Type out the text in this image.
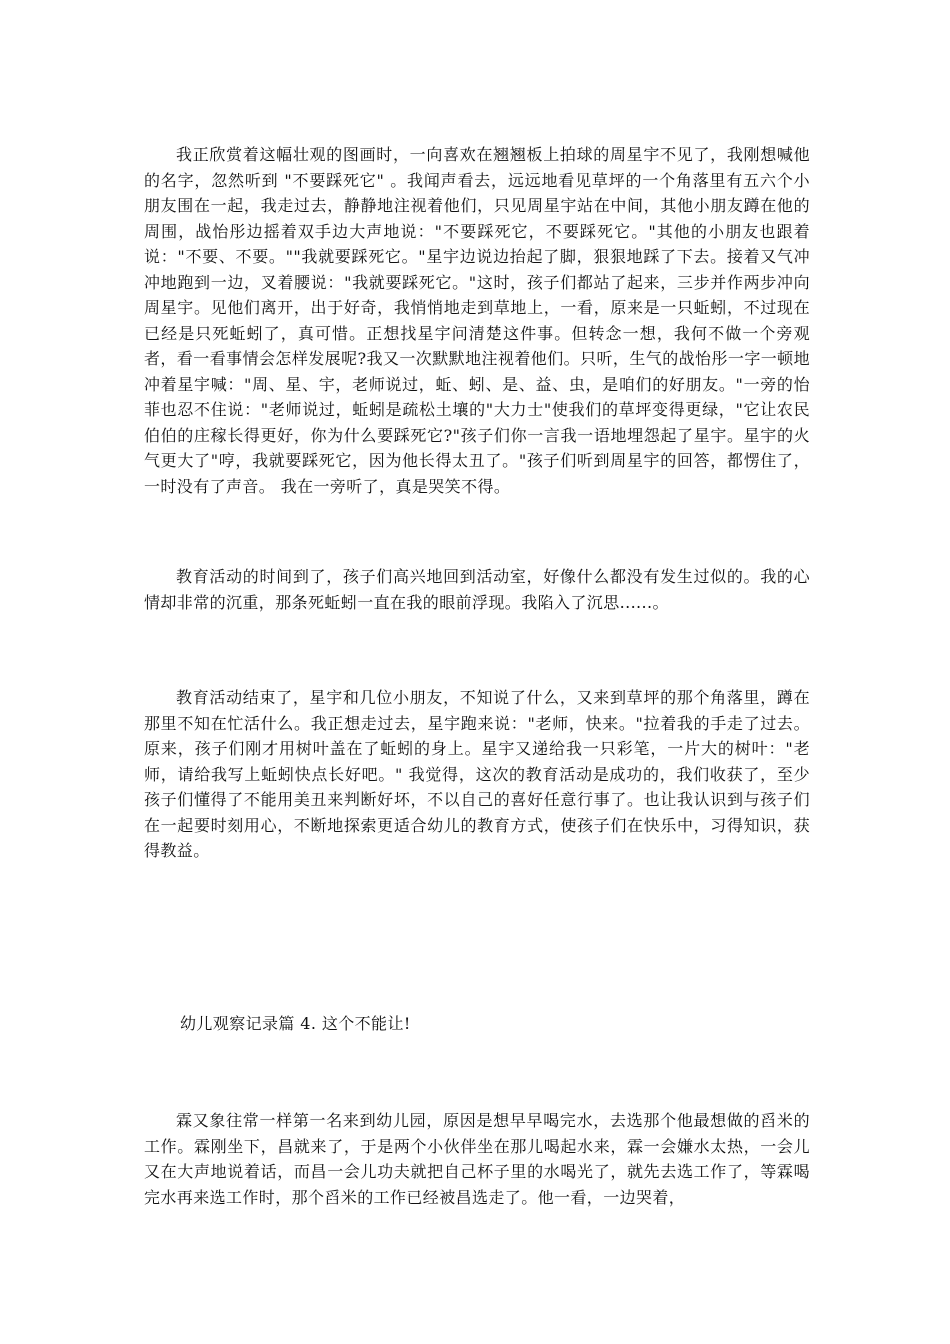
我正欣赏着这幅壮观的图画时，一向喜欢在翘翘板上拍球的周星宇不见了，我刚想喊他的名字，忽然听到 "不要踩死它" 。我闻声看去，远远地看见草坪的一个角落里有五六个小朋友围在一起，我走过去，静静地注视着他们，只见周星宇站在中间，其他小朋友蹲在他的周围，战怡彤边摇着双手边大声地说："不要踩死它，不要踩死它。"其他的小朋友也跟着说："不要、不要。""我就要踩死它。"星宇边说边抬起了脚，狠狠地踩了下去。接着又气冲冲地跑到一边，叉着腰说："我就要踩死它。"这时，孩子们都站了起来，三步并作两步冲向周星宇。见他们离开，出于好奇，我悄悄地走到草地上，一看，原来是一只蚯蚓，不过现在已经是只死蚯蚓了，真可惜。正想找星宇问清楚这件事。但转念一想，我何不做一个旁观者，看一看事情会怎样发展呢?我又一次默默地注视着他们。只听，生气的战怡彤一字一顿地冲着星宇喊："周、星、宇，老师说过，蚯、蚓、是、益、虫，是咱们的好朋友。"一旁的怡菲也忍不住说："老师说过，蚯蚓是疏松土壤的"大力士"使我们的草坪变得更绿，"它让农民伯伯的庄稼长得更好，你为什么要踩死它?"孩子们你一言我一语地埋怨起了星宇。星宇的火气更大了"哼，我就要踩死它，因为他长得太丑了。"孩子们听到周星宇的回答，都愣住了，一时没有了声音。 我在一旁听了，真是哭笑不得。

教育活动的时间到了，孩子们高兴地回到活动室，好像什么都没有发生过似的。我的心情却非常的沉重，那条死蚯蚓一直在我的眼前浮现。我陷入了沉思......。

教育活动结束了，星宇和几位小朋友，不知说了什么，又来到草坪的那个角落里，蹲在那里不知在忙活什么。我正想走过去，星宇跑来说："老师，快来。"拉着我的手走了过去。原来，孩子们刚才用树叶盖在了蚯蚓的身上。星宇又递给我一只彩笔，一片大的树叶："老师，请给我写上蚯蚓快点长好吧。" 我觉得，这次的教育活动是成功的，我们收获了，至少孩子们懂得了不能用美丑来判断好坏，不以自己的喜好任意行事了。也让我认识到与孩子们在一起要时刻用心，不断地探索更适合幼儿的教育方式，使孩子们在快乐中，习得知识，获得教益。

幼儿观察记录篇 4. 这个不能让!

霖又象往常一样第一名来到幼儿园，原因是想早早喝完水，去选那个他最想做的舀米的工作。霖刚坐下，昌就来了，于是两个小伙伴坐在那儿喝起水来，霖一会嫌水太热，一会儿又在大声地说着话，而昌一会儿功夫就把自己杯子里的水喝光了，就先去选工作了，等霖喝完水再来选工作时，那个舀米的工作已经被昌选走了。他一看，一边哭着，
